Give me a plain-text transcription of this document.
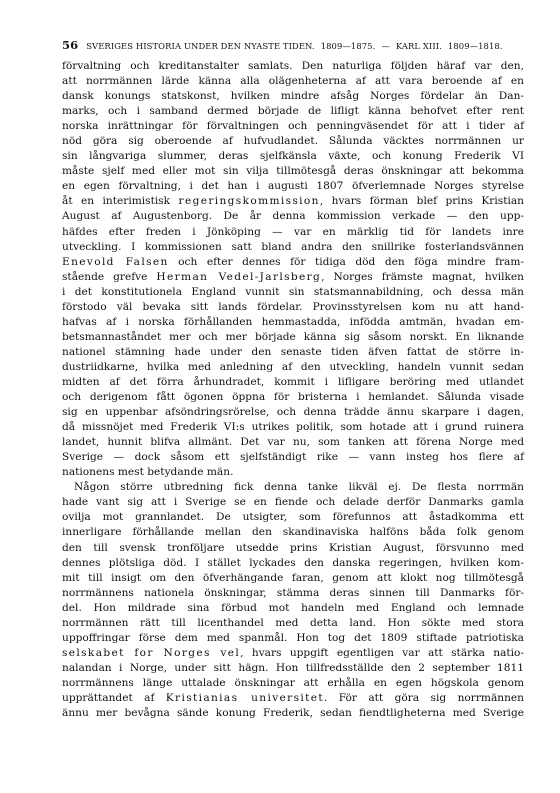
56 SVERIGES HISTORIA UNDER DEN NYASTE TIDEN. 1809—1875. — KARL XIII. 1809—1818.
förvaltning och kreditanstalter samlats. Den naturliga följden häraf var den,
att norrmännen lärde känna alla olägenheterna af att vara beroende af en
dansk konungs statskonst, hvilken mindre afsåg Norges fördelar än Dan-
marks, och i samband dermed började de lifligt känna behofvet efter rent
norska inrättningar för förvaltningen och penningväsendet för att i tider af
nöd göra sig oberoende af hufvudlandet. Sålunda väcktes norrmännen ur
sin långvariga slummer, deras sjelfkänsla växte, och konung Frederik VI
måste sjelf med eller mot sin vilja tillmötesgå deras önskningar att bekomma
en egen förvaltning, i det han i augusti 1807 öfverlemnade Norges styrelse
åt en interimistisk regeringskommission, hvars förman blef prins Kristian
August af Augustenborg. De år denna kommission verkade — den upp-
häfdes efter freden i Jönköping — var en märklig tid för landets inre
utveckling. I kommissionen satt bland andra den snillrike fosterlandsvännen
Enevold Falsen och efter dennes för tidiga död den föga mindre fram-
stående grefve Herman Vedel-Jarlsberg, Norges främste magnat, hvilken
i det konstitutionela England vunnit sin statsmannabildning, och dessa män
förstodo väl bevaka sitt lands fördelar. Provinsstyrelsen kom nu att hand-
hafvas af i norska förhållanden hemmastadda, infödda amtmän, hvadan em-
betsmannaståndet mer och mer började känna sig såsom norskt. En liknande
nationel stämning hade under den senaste tiden äfven fattat de större in-
dustriidkarne, hvilka med anledning af den utveckling, handeln vunnit sedan
midten af det förra århundradet, kommit i lifligare beröring med utlandet
och derigenom fått ögonen öppna för bristerna i hemlandet. Sålunda visade
sig en uppenbar afsöndringsrörelse, och denna trädde ännu skarpare i dagen,
då missnöjet med Frederik VI:s utrikes politik, som hotade att i grund ruinera
landet, hunnit blifva allmänt. Det var nu, som tanken att förena Norge med
Sverige — dock såsom ett sjelfständigt rike — vann insteg hos flere af
nationens mest betydande män.
Någon större utbredning fick denna tanke likväl ej. De flesta norrmän
hade vant sig att i Sverige se en fiende och delade derför Danmarks gamla
ovilja mot grannlandet. De utsigter, som förefunnos att åstadkomma ett
innerligare förhållande mellan den skandinaviska halföns båda folk genom
den till svensk tronföljare utsedde prins Kristian August, försvunno med
dennes plötsliga död. I stället lyckades den danska regeringen, hvilken kom-
mit till insigt om den öfverhängande faran, genom att klokt nog tillmötesgå
norrmännens nationela önskningar, stämma deras sinnen till Danmarks för-
del. Hon mildrade sina förbud mot handeln med England och lemnade
norrmännen rätt till licenthandel med detta land. Hon sökte med stora
uppoffringar förse dem med spanmål. Hon tog det 1809 stiftade patriotiska
selskabet for Norges vel, hvars uppgift egentligen var att stärka natio-
nalandan i Norge, under sitt hägn. Hon tillfredsställde den 2 september 1811
norrmännens länge uttalade önskningar att erhålla en egen högskola genom
upprättandet af Kristianias universitet. För att göra sig norrmännen
ännu mer bevågna sände konung Frederik, sedan fiendtligheterna med Sverige
